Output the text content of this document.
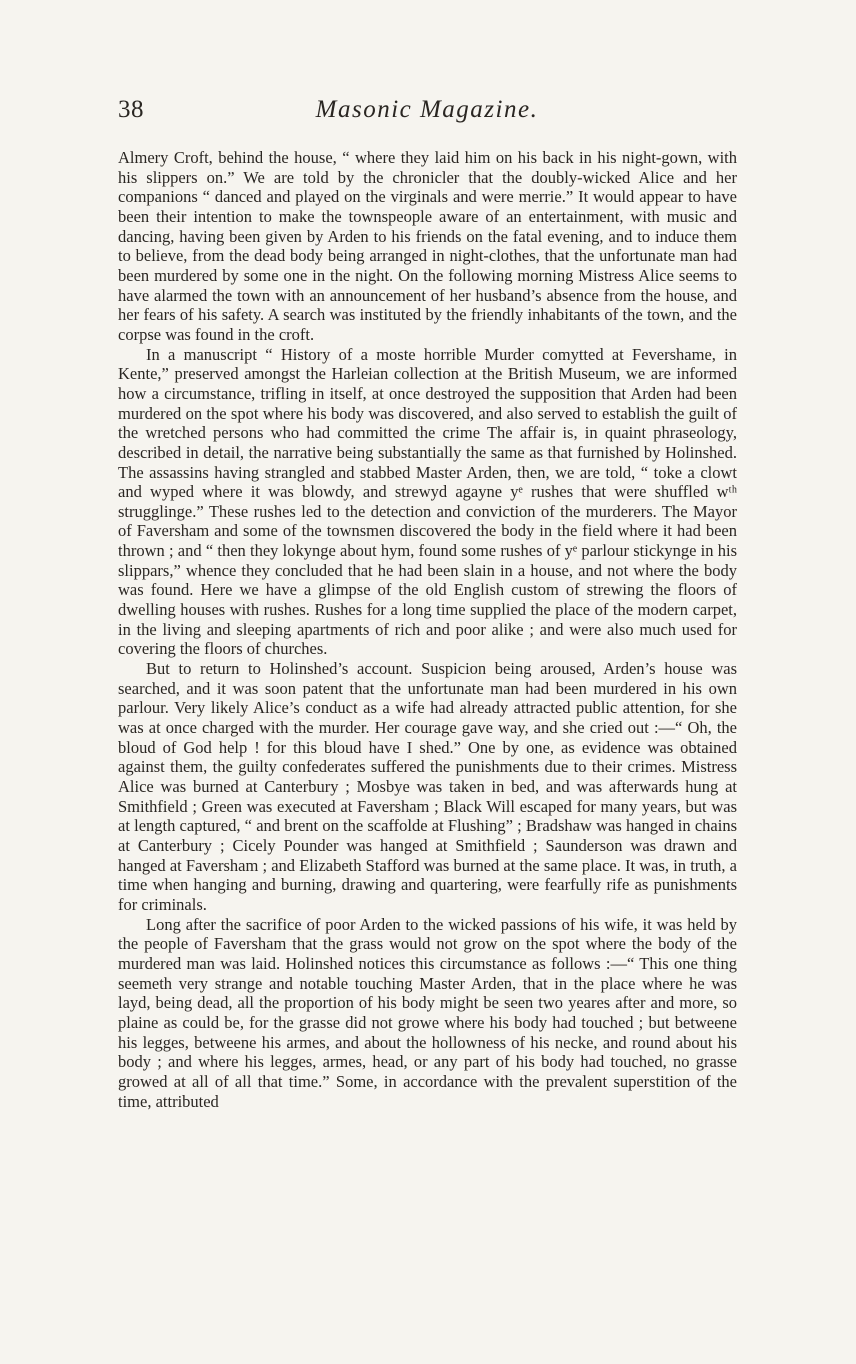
38	Masonic Magazine.

Almery Croft, behind the house, “ where they laid him on his back in his night-gown, with his slippers on.” We are told by the chronicler that the doubly-wicked Alice and her companions “ danced and played on the virginals and were merrie.” It would appear to have been their intention to make the townspeople aware of an entertainment, with music and dancing, having been given by Arden to his friends on the fatal evening, and to induce them to believe, from the dead body being arranged in night-clothes, that the unfortunate man had been murdered by some one in the night. On the following morning Mistress Alice seems to have alarmed the town with an announcement of her husband’s absence from the house, and her fears of his safety. A search was instituted by the friendly inhabitants of the town, and the corpse was found in the croft.

In a manuscript “ History of a moste horrible Murder comytted at Fevershame, in Kente,” preserved amongst the Harleian collection at the British Museum, we are informed how a circumstance, trifling in itself, at once destroyed the supposition that Arden had been murdered on the spot where his body was discovered, and also served to establish the guilt of the wretched persons who had committed the crime The affair is, in quaint phraseology, described in detail, the narrative being substantially the same as that furnished by Holinshed. The assassins having strangled and stabbed Master Arden, then, we are told, “ toke a clowt and wyped where it was blowdy, and strewyd agayne yᵉ rushes that were shuffled wᵗʰ strugglinge.” These rushes led to the detection and conviction of the murderers. The Mayor of Faversham and some of the townsmen discovered the body in the field where it had been thrown ; and “ then they lokynge about hym, found some rushes of yᵉ parlour stickynge in his slippars,” whence they concluded that he had been slain in a house, and not where the body was found. Here we have a glimpse of the old English custom of strewing the floors of dwelling houses with rushes. Rushes for a long time supplied the place of the modern carpet, in the living and sleeping apartments of rich and poor alike ; and were also much used for covering the floors of churches.

But to return to Holinshed’s account. Suspicion being aroused, Arden’s house was searched, and it was soon patent that the unfortunate man had been murdered in his own parlour. Very likely Alice’s conduct as a wife had already attracted public attention, for she was at once charged with the murder. Her courage gave way, and she cried out :—“ Oh, the bloud of God help ! for this bloud have I shed.” One by one, as evidence was obtained against them, the guilty confederates suffered the punishments due to their crimes. Mistress Alice was burned at Canterbury ; Mosbye was taken in bed, and was afterwards hung at Smithfield ; Green was executed at Faversham ; Black Will escaped for many years, but was at length captured, “ and brent on the scaffolde at Flushing” ; Bradshaw was hanged in chains at Canterbury ; Cicely Pounder was hanged at Smithfield ; Saunderson was drawn and hanged at Faversham ; and Elizabeth Stafford was burned at the same place. It was, in truth, a time when hanging and burning, drawing and quartering, were fearfully rife as punishments for criminals.

Long after the sacrifice of poor Arden to the wicked passions of his wife, it was held by the people of Faversham that the grass would not grow on the spot where the body of the murdered man was laid. Holinshed notices this circumstance as follows :—“ This one thing seemeth very strange and notable touching Master Arden, that in the place where he was layd, being dead, all the proportion of his body might be seen two yeares after and more, so plaine as could be, for the grasse did not growe where his body had touched ; but betweene his legges, betweene his armes, and about the hollowness of his necke, and round about his body ; and where his legges, armes, head, or any part of his body had touched, no grasse growed at all of all that time.” Some, in accordance with the prevalent superstition of the time, attributed
